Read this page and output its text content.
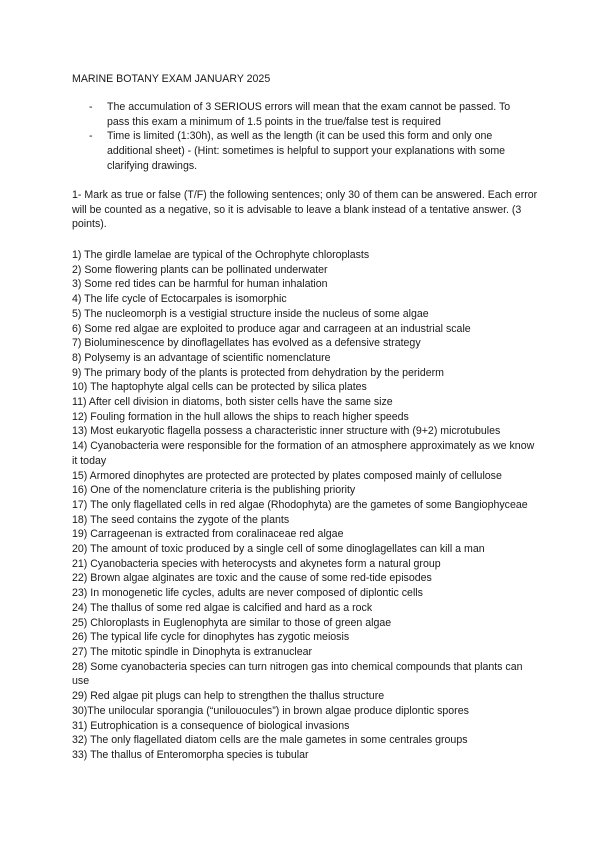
MARINE BOTANY EXAM JANUARY 2025
- The accumulation of 3 SERIOUS errors will mean that the exam cannot be passed. To pass this exam a minimum of 1.5 points in the true/false test is required
- Time is limited (1:30h), as well as the length (it can be used this form and only one additional sheet) - (Hint: sometimes is helpful to support your explanations with some clarifying drawings.
1- Mark as true or false (T/F) the following sentences; only 30 of them can be answered. Each error will be counted as a negative, so it is advisable to leave a blank instead of a tentative answer. (3 points).
1) The girdle lamelae are typical of the Ochrophyte chloroplasts
2) Some flowering plants can be pollinated underwater
3) Some red tides can be harmful for human inhalation
4) The life cycle of Ectocarpales is isomorphic
5) The nucleomorph is a vestigial structure inside the nucleus of some algae
6) Some red algae are exploited to produce agar and carrageen at an industrial scale
7) Bioluminescence by dinoflagellates has evolved as a defensive strategy
8) Polysemy is an advantage of scientific nomenclature
9) The primary body of the plants is protected from dehydration by the periderm
10) The haptophyte algal cells can be protected by silica plates
11) After cell division in diatoms, both sister cells have the same size
12) Fouling formation in the hull allows the ships to reach higher speeds
13) Most eukaryotic flagella possess a characteristic inner structure with (9+2) microtubules
14) Cyanobacteria were responsible for the formation of an atmosphere approximately as we know it today
15) Armored dinophytes are protected are protected by plates composed mainly of cellulose
16) One of the nomenclature criteria is the publishing priority
17) The only flagellated cells in red algae (Rhodophyta) are the gametes of some Bangiophyceae
18) The seed contains the zygote of the plants
19) Carrageenan is extracted from coralinaceae red algae
20) The amount of toxic produced by a single cell of some dinoglagellates can kill a man
21) Cyanobacteria species with heterocysts and akynetes form a natural group
22) Brown algae alginates are toxic and the cause of some red-tide episodes
23) In monogenetic life cycles, adults are never composed of diplontic cells
24) The thallus of some red algae is calcified and hard as a rock
25) Chloroplasts in Euglenophyta are similar to those of green algae
26) The typical life cycle for dinophytes has zygotic meiosis
27) The mitotic spindle in Dinophyta is extranuclear
28) Some cyanobacteria species can turn nitrogen gas into chemical compounds that plants can use
29) Red algae pit plugs can help to strengthen the thallus structure
30)The unilocular sporangia (“unilouocules”) in brown algae produce diplontic spores
31) Eutrophication is a consequence of biological invasions
32) The only flagellated diatom cells are the male gametes in some centrales groups
33) The thallus of Enteromorpha species is tubular
